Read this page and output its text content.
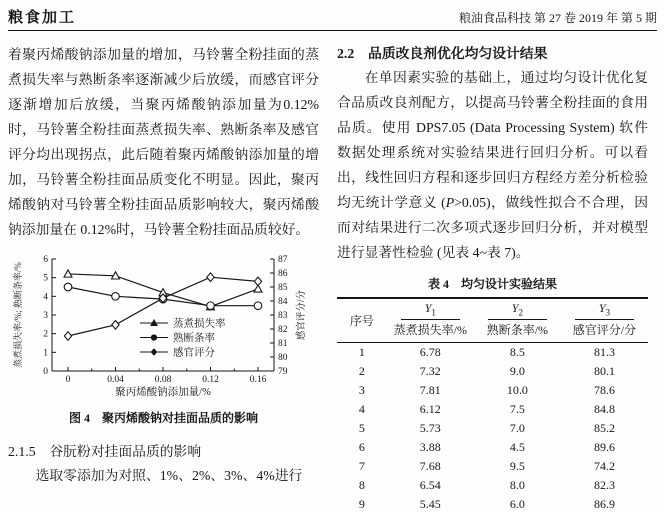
粮食加工	粮油食品科技 第 27 卷 2019 年 第 5 期

着聚丙烯酸钠添加量的增加，马铃薯全粉挂面的蒸煮损失率与熟断条率逐渐减少后放缓，而感官评分逐渐增加后放缓，当聚丙烯酸钠添加量为0.12%时，马铃薯全粉挂面蒸煮损失率、熟断条率及感官评分均出现拐点，此后随着聚丙烯酸钠添加量的增加，马铃薯全粉挂面品质变化不明显。因此，聚丙烯酸钠对马铃薯全粉挂面品质影响较大，聚丙烯酸钠添加量在 0.12%时，马铃薯全粉挂面品质较好。

0
1
2
3
4
5
6
79
80
81
82
83
84
85
86
87
0	0.04	0.08	0.12	0.16
聚丙烯酸钠添加量/%
蒸煮损失率/%; 熟断条率/%	感官评分/分
蒸煮损失率
熟断条率
感官评分
图 4　聚丙烯酸钠对挂面品质的影响
2.1.5　谷朊粉对挂面品质的影响

选取零添加为对照、1%、2%、3%、4%进行

2.2　品质改良剂优化均匀设计结果

在单因素实验的基础上，通过均匀设计优化复合品质改良剂配方，以提高马铃薯全粉挂面的食用品质。使用 DPS7.05 (Data Processing System) 软件数据处理系统对实验结果进行回归分析。可以看出，线性回归方程和逐步回归方程经方差分析检验均无统计学意义 (P>0.05)，做线性拟合不合理，因而对结果进行二次多项式逐步回归分析，并对模型进行显著性检验 (见表 4~表 7)。

表 4　均匀设计实验结果
序号	$Y_1$	$Y_2$	$Y_3$

	蒸煮损失率/%	熟断条率/%	感官评分/分
1	6.78	8.5	81.3
2	7.32	9.0	80.1
3	7.81	10.0	78.6
4	6.12	7.5	84.8
5	5.73	7.0	85.2
6	3.88	4.5	89.6
7	7.68	9.5	74.2
8	6.54	8.0	82.3
9	5.45	6.0	86.9
